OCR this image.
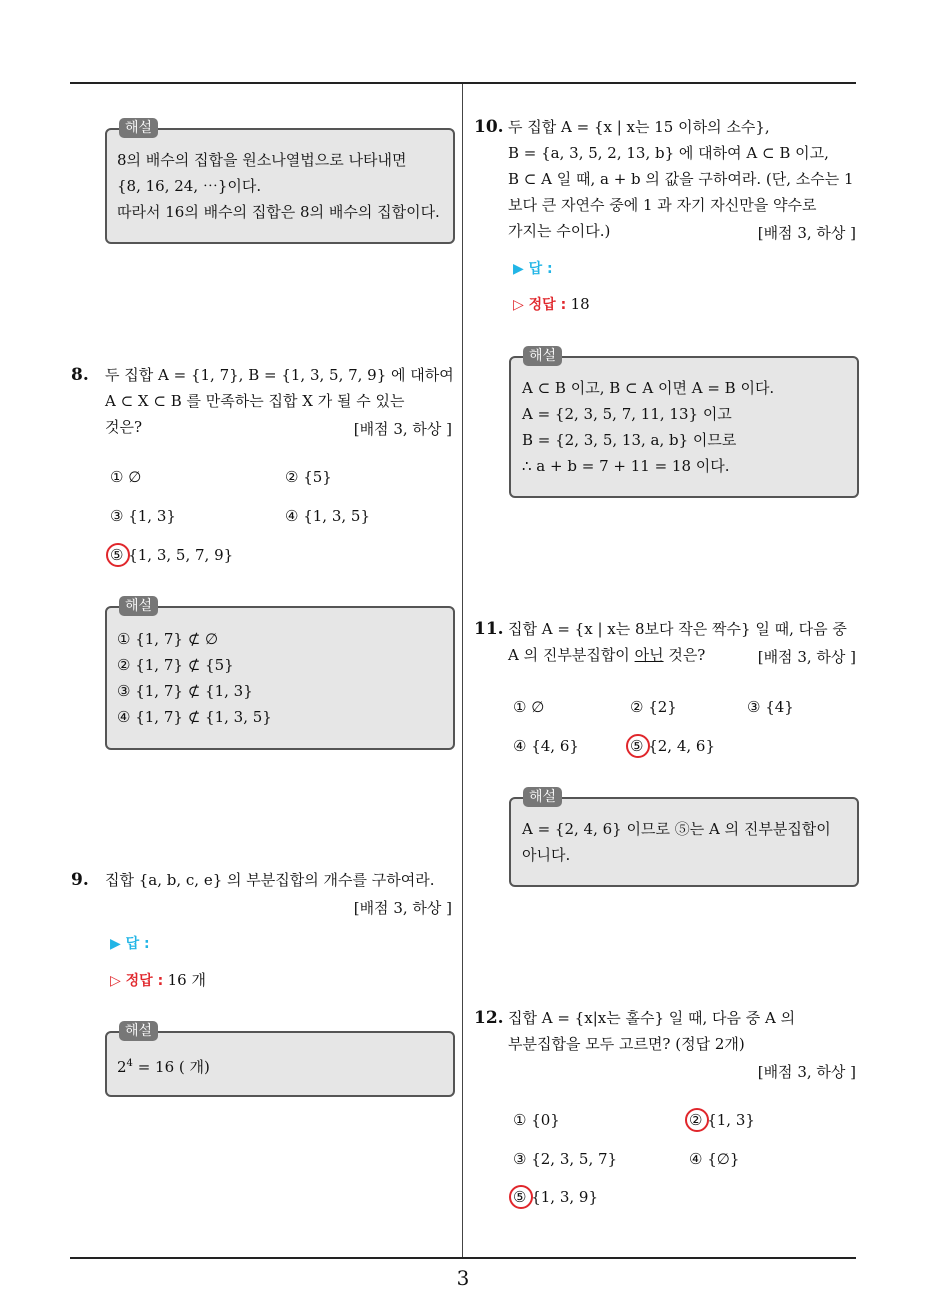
해설
8의 배수의 집합을 원소나열법으로 나타내면
{8, 16, 24, ⋯}이다.
따라서 16의 배수의 집합은 8의 배수의 집합이다.
8. 두 집합 A = {1, 7}, B = {1, 3, 5, 7, 9} 에 대하여
A ⊂ X ⊂ B 를 만족하는 집합 X 가 될 수 있는
것은?	[배점 3, 하상 ]
① ∅	② {5}
③ {1, 3}	④ {1, 3, 5}
⑤ {1, 3, 5, 7, 9}
해설
① {1, 7} ⊄ ∅
② {1, 7} ⊄ {5}
③ {1, 7} ⊄ {1, 3}
④ {1, 7} ⊄ {1, 3, 5}
9. 집합 {a, b, c, e} 의 부분집합의 개수를 구하여라.
[배점 3, 하상 ]
▶ 답 :
▷ 정답 : 16 개
해설
$2^4 = 16$ ( 개)
10. 두 집합 A = {x | x는 15 이하의 소수},
B = {a, 3, 5, 2, 13, b} 에 대하여 A ⊂ B 이고,
B ⊂ A 일 때, a + b 의 값을 구하여라. (단, 소수는 1
보다 큰 자연수 중에 1 과 자기 자신만을 약수로
가지는 수이다.)	[배점 3, 하상 ]
▶ 답 :
▷ 정답 : 18
해설
A ⊂ B 이고, B ⊂ A 이면 A = B 이다.
A = {2, 3, 5, 7, 11, 13} 이고
B = {2, 3, 5, 13, a, b} 이므로
∴ a + b = 7 + 11 = 18 이다.
11. 집합 A = {x | x는 8보다 작은 짝수} 일 때, 다음 중
A 의 진부분집합이 아닌 것은?	[배점 3, 하상 ]
① ∅	② {2}	③ {4}
④ {4, 6}	⑤ {2, 4, 6}
해설
A = {2, 4, 6} 이므로 ⑤는 A 의 진부분집합이
아니다.
12. 집합 A = {x|x는 홀수} 일 때, 다음 중 A 의
부분집합을 모두 고르면? (정답 2개)
[배점 3, 하상 ]
① {0}	② {1, 3}
③ {2, 3, 5, 7}	④ {∅}
⑤ {1, 3, 9}
3
